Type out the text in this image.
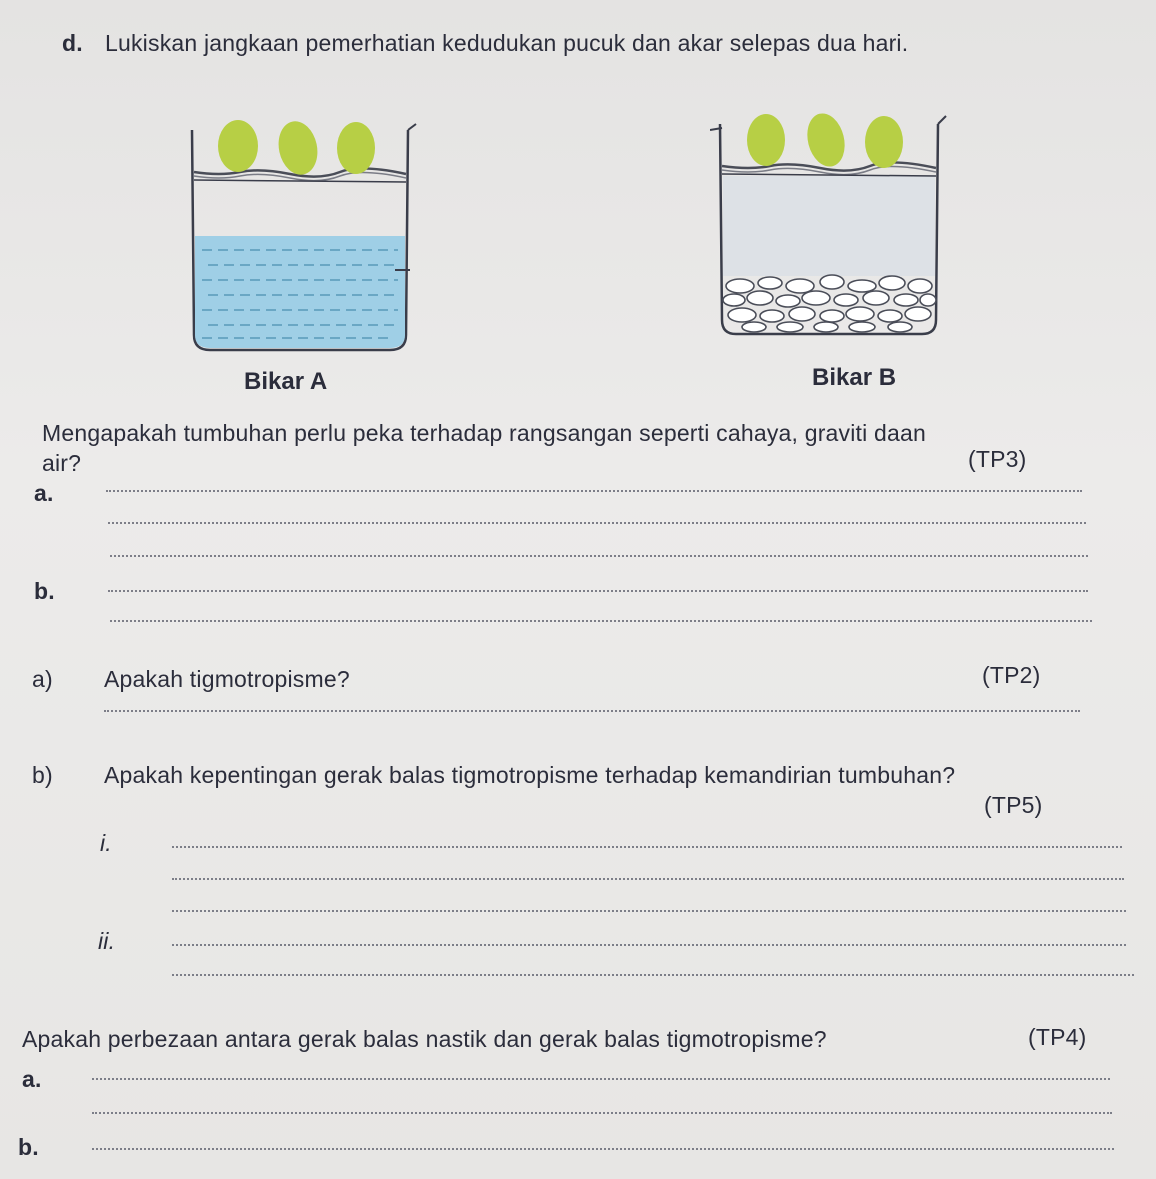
d. Lukiskan jangkaan pemerhatian kedudukan pucuk dan akar selepas dua hari.
Bikar A	Bikar B
Mengapakah tumbuhan perlu peka terhadap rangsangan seperti cahaya, graviti daan
air?	(TP3)
a.
b.
a) Apakah tigmotropisme?	(TP2)
b) Apakah kepentingan gerak balas tigmotropisme terhadap kemandirian tumbuhan?
(TP5)
i.
ii.
Apakah perbezaan antara gerak balas nastik dan gerak balas tigmotropisme?	(TP4)
a.
b.
